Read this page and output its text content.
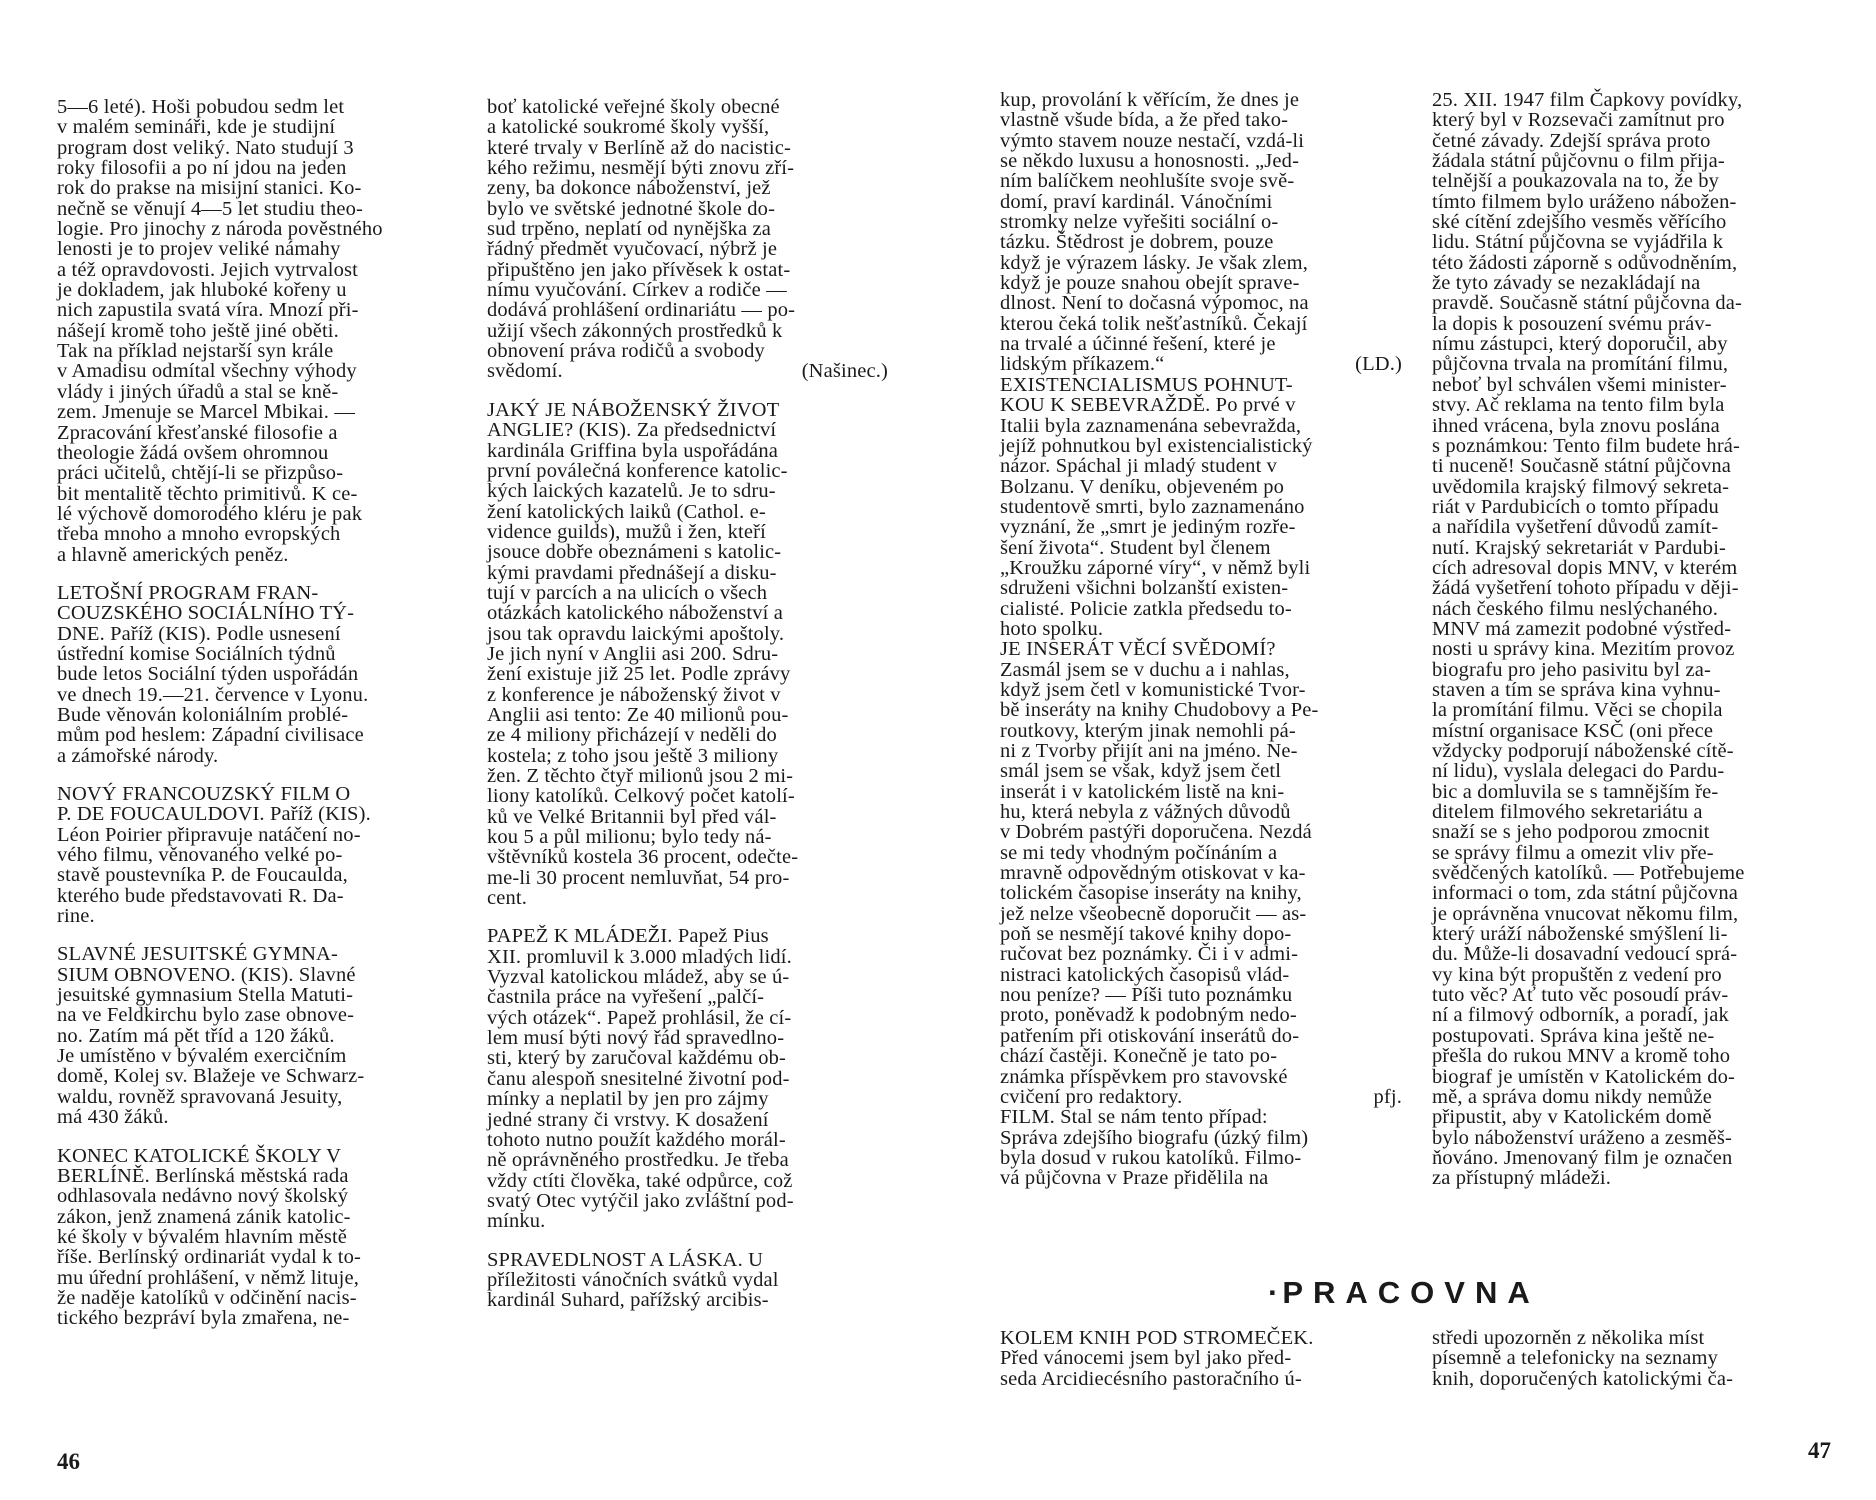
5—6 leté). Hoši pobudou sedm let
v malém semináři, kde je studijní
program dost veliký. Nato studují 3
roky filosofii a po ní jdou na jeden
rok do prakse na misijní stanici. Ko-
nečně se věnují 4—5 let studiu theo-
logie. Pro jinochy z národa pověstného
lenosti je to projev veliké námahy
a též opravdovosti. Jejich vytrvalost
je dokladem, jak hluboké kořeny u
nich zapustila svatá víra. Mnozí při-
nášejí kromě toho ještě jiné oběti.
Tak na příklad nejstarší syn krále
v Amadisu odmítal všechny výhody
vlády i jiných úřadů a stal se kně-
zem. Jmenuje se Marcel Mbikai. —
Zpracování křesťanské filosofie a
theologie žádá ovšem ohromnou
práci učitelů, chtějí-li se přizpůso-
bit mentalitě těchto primitivů. K ce-
lé výchově domorodého kléru je pak
třeba mnoho a mnoho evropských
a hlavně amerických peněz.

LETOŠNÍ PROGRAM FRAN-
COUZSKÉHO SOCIÁLNÍHO TÝ-
DNE. Paříž (KIS). Podle usnesení
ústřední komise Sociálních týdnů
bude letos Sociální týden uspořádán
ve dnech 19.—21. července v Lyonu.
Bude věnován koloniálním problé-
mům pod heslem: Západní civilisace
a zámořské národy.

NOVÝ FRANCOUZSKÝ FILM O
P. DE FOUCAULDOVI. Paříž (KIS).
Léon Poirier připravuje natáčení no-
vého filmu, věnovaného velké po-
stavě poustevníka P. de Foucaulda,
kterého bude představovati R. Da-
rine.

SLAVNÉ JESUITSKÉ GYMNA-
SIUM OBNOVENO. (KIS). Slavné
jesuitské gymnasium Stella Matuti-
na ve Feldkirchu bylo zase obnove-
no. Zatím má pět tříd a 120 žáků.
Je umístěno v bývalém exercičním
domě, Kolej sv. Blažeje ve Schwarz-
waldu, rovněž spravovaná Jesuity,
má 430 žáků.

KONEC KATOLICKÉ ŠKOLY V
BERLÍNĚ. Berlínská městská rada
odhlasovala nedávno nový školský
zákon, jenž znamená zánik katolic-
ké školy v bývalém hlavním městě
říše. Berlínský ordinariát vydal k to-
mu úřední prohlášení, v němž lituje,
že naděje katolíků v odčinění nacis-
tického bezpráví byla zmařena, ne-

boť katolické veřejné školy obecné
a katolické soukromé školy vyšší,
které trvaly v Berlíně až do nacistic-
kého režimu, nesmějí býti znovu zří-
zeny, ba dokonce náboženství, jež
bylo ve světské jednotné škole do-
sud trpěno, neplatí od nynějška za
řádný předmět vyučovací, nýbrž je
připuštěno jen jako přívěsek k ostat-
nímu vyučování. Církev a rodiče —
dodává prohlášení ordinariátu — po-
užijí všech zákonných prostředků k
obnovení práva rodičů a svobody

svědomí.	(Našinec.)

JAKÝ JE NÁBOŽENSKÝ ŽIVOT
ANGLIE? (KIS). Za předsednictví
kardinála Griffina byla uspořádána
první poválečná konference katolic-
kých laických kazatelů. Je to sdru-
žení katolických laiků (Cathol. e-
vidence guilds), mužů i žen, kteří
jsouce dobře obeznámeni s katolic-
kými pravdami přednášejí a disku-
tují v parcích a na ulicích o všech
otázkách katolického náboženství a
jsou tak opravdu laickými apoštoly.
Je jich nyní v Anglii asi 200. Sdru-
žení existuje již 25 let. Podle zprávy
z konference je náboženský život v
Anglii asi tento: Ze 40 milionů pou-
ze 4 miliony přicházejí v neděli do
kostela; z toho jsou ještě 3 miliony
žen. Z těchto čtyř milionů jsou 2 mi-
liony katolíků. Celkový počet katolí-
ků ve Velké Britannii byl před vál-
kou 5 a půl milionu; bylo tedy ná-
vštěvníků kostela 36 procent, odečte-
me-li 30 procent nemluvňat, 54 pro-
cent.

PAPEŽ K MLÁDEŽI. Papež Pius
XII. promluvil k 3.000 mladých lidí.
Vyzval katolickou mládež, aby se ú-
častnila práce na vyřešení „palčí-
vých otázek“. Papež prohlásil, že cí-
lem musí býti nový řád spravedlno-
sti, který by zaručoval každému ob-
čanu alespoň snesitelné životní pod-
mínky a neplatil by jen pro zájmy
jedné strany či vrstvy. K dosažení
tohoto nutno použít každého morál-
ně oprávněného prostředku. Je třeba
vždy ctíti člověka, také odpůrce, což
svatý Otec vytýčil jako zvláštní pod-
mínku.

SPRAVEDLNOST A LÁSKA. U
příležitosti vánočních svátků vydal
kardinál Suhard, pařížský arcibis-

46

kup, provolání k věřícím, že dnes je
vlastně všude bída, a že před tako-
výmto stavem nouze nestačí, vzdá-li
se někdo luxusu a honosnosti. „Jed-
ním balíčkem neohlušíte svoje svě-
domí, praví kardinál. Vánočními
stromky nelze vyřešiti sociální o-
tázku. Štědrost je dobrem, pouze
když je výrazem lásky. Je však zlem,
když je pouze snahou obejít sprave-
dlnost. Není to dočasná výpomoc, na
kterou čeká tolik nešťastníků. Čekají
na trvalé a účinné řešení, které je

lidským příkazem.“	(LD.)

EXISTENCIALISMUS POHNUT-
KOU K SEBEVRAŽDĚ. Po prvé v
Italii byla zaznamenána sebevražda,
jejíž pohnutkou byl existencialistický
názor. Spáchal ji mladý student v
Bolzanu. V deníku, objeveném po
studentově smrti, bylo zaznamenáno
vyznání, že „smrt je jediným rozře-
šení života“. Student byl členem
„Kroužku záporné víry“, v němž byli
sdruženi všichni bolzanští existen-
cialisté. Policie zatkla předsedu to-
hoto spolku.

JE INSERÁT VĚCÍ SVĚDOMÍ?
Zasmál jsem se v duchu a i nahlas,
když jsem četl v komunistické Tvor-
bě inseráty na knihy Chudobovy a Pe-
routkovy, kterým jinak nemohli pá-
ni z Tvorby přijít ani na jméno. Ne-
smál jsem se však, když jsem četl
inserát i v katolickém listě na kni-
hu, která nebyla z vážných důvodů
v Dobrém pastýři doporučena. Nezdá
se mi tedy vhodným počínáním a
mravně odpovědným otiskovat v ka-
tolickém časopise inseráty na knihy,
jež nelze všeobecně doporučit — as-
poň se nesmějí takové knihy dopo-
ručovat bez poznámky. Či i v admi-
nistraci katolických časopisů vlád-
nou peníze? — Píši tuto poznámku
proto, poněvadž k podobným nedo-
patřením při otiskování inserátů do-
chází častěji. Konečně je tato po-
známka příspěvkem pro stavovské

cvičení pro redaktory.	pfj.

FILM. Stal se nám tento případ:
Správa zdejšího biografu (úzký film)
byla dosud v rukou katolíků. Filmo-
vá půjčovna v Praze přidělila na

25. XII. 1947 film Čapkovy povídky,
který byl v Rozsevači zamítnut pro
četné závady. Zdejší správa proto
žádala státní půjčovnu o film přija-
telnější a poukazovala na to, že by
tímto filmem bylo uráženo nábožen-
ské cítění zdejšího vesměs věřícího
lidu. Státní půjčovna se vyjádřila k
této žádosti záporně s odůvodněním,
že tyto závady se nezakládají na
pravdě. Současně státní půjčovna da-
la dopis k posouzení svému práv-
nímu zástupci, který doporučil, aby
půjčovna trvala na promítání filmu,
neboť byl schválen všemi minister-
stvy. Ač reklama na tento film byla
ihned vrácena, byla znovu poslána
s poznámkou: Tento film budete hrá-
ti nuceně! Současně státní půjčovna
uvědomila krajský filmový sekreta-
riát v Pardubicích o tomto případu
a nařídila vyšetření důvodů zamít-
nutí. Krajský sekretariát v Pardubi-
cích adresoval dopis MNV, v kterém
žádá vyšetření tohoto případu v ději-
nách českého filmu neslýchaného.
MNV má zamezit podobné výstřed-
nosti u správy kina. Mezitím provoz
biografu pro jeho pasivitu byl za-
staven a tím se správa kina vyhnu-
la promítání filmu. Věci se chopila
místní organisace KSČ (oni přece
vždycky podporují náboženské cítě-
ní lidu), vyslala delegaci do Pardu-
bic a domluvila se s tamnějším ře-
ditelem filmového sekretariátu a
snaží se s jeho podporou zmocnit
se správy filmu a omezit vliv pře-
svědčených katolíků. — Potřebujeme
informaci o tom, zda státní půjčovna
je oprávněna vnucovat někomu film,
který uráží náboženské smýšlení li-
du. Může-li dosavadní vedoucí sprá-
vy kina být propuštěn z vedení pro
tuto věc? Ať tuto věc posoudí práv-
ní a filmový odborník, a poradí, jak
postupovati. Správa kina ještě ne-
přešla do rukou MNV a kromě toho
biograf je umístěn v Katolickém do-
mě, a správa domu nikdy nemůže
připustit, aby v Katolickém domě
bylo náboženství uráženo a zesměš-
ňováno. Jmenovaný film je označen
za přístupný mládeži.

·PRACOVNA

KOLEM KNIH POD STROMEČEK.
Před vánocemi jsem byl jako před-
seda Arcidiecésního pastoračního ú-

středi upozorněn z několika míst
písemně a telefonicky na seznamy
knih, doporučených katolickými ča-

47
